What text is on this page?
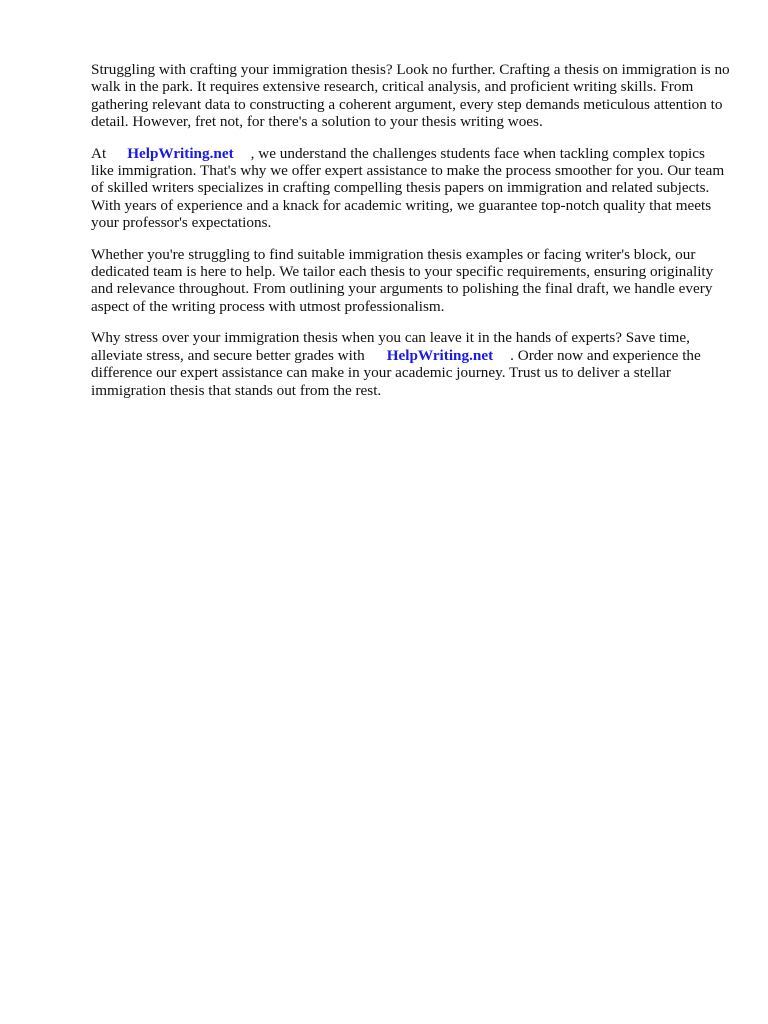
Struggling with crafting your immigration thesis? Look no further. Crafting a thesis on immigration is no walk in the park. It requires extensive research, critical analysis, and proficient writing skills. From gathering relevant data to constructing a coherent argument, every step demands meticulous attention to detail. However, fret not, for there's a solution to your thesis writing woes.

At HelpWriting.net , we understand the challenges students face when tackling complex topics like immigration. That's why we offer expert assistance to make the process smoother for you. Our team of skilled writers specializes in crafting compelling thesis papers on immigration and related subjects. With years of experience and a knack for academic writing, we guarantee top-notch quality that meets your professor's expectations.

Whether you're struggling to find suitable immigration thesis examples or facing writer's block, our dedicated team is here to help. We tailor each thesis to your specific requirements, ensuring originality and relevance throughout. From outlining your arguments to polishing the final draft, we handle every aspect of the writing process with utmost professionalism.

Why stress over your immigration thesis when you can leave it in the hands of experts? Save time, alleviate stress, and secure better grades with HelpWriting.net . Order now and experience the difference our expert assistance can make in your academic journey. Trust us to deliver a stellar immigration thesis that stands out from the rest.
